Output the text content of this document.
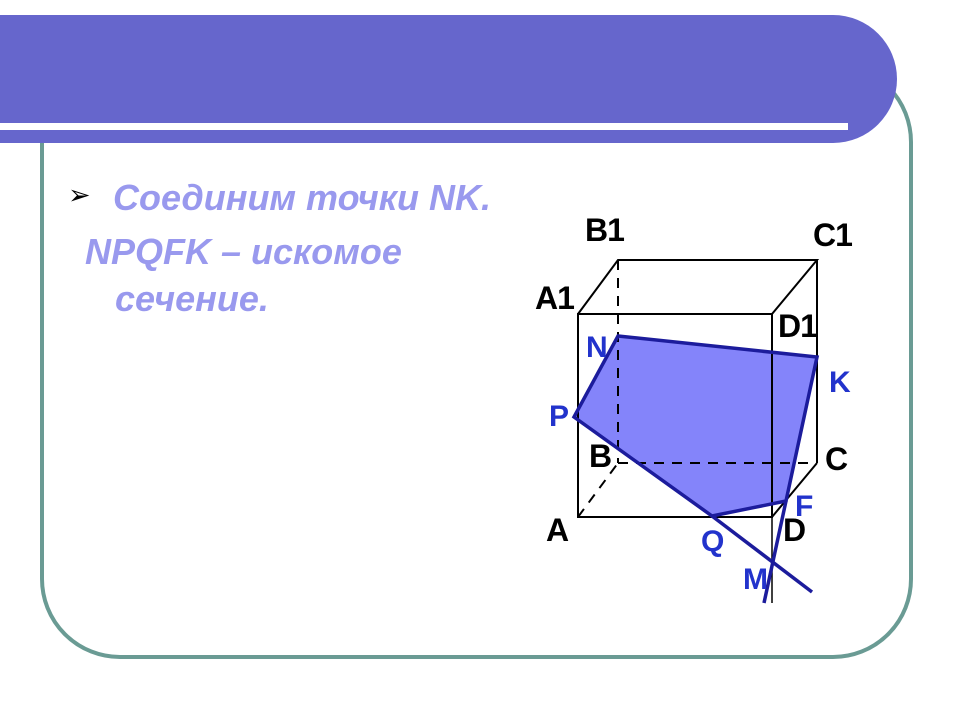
➢ Соединим точки NK.
NPQFK – искомое сечение.	A1
B1	C1
D1
A
B	C
D
N
P
K
F
Q
M
